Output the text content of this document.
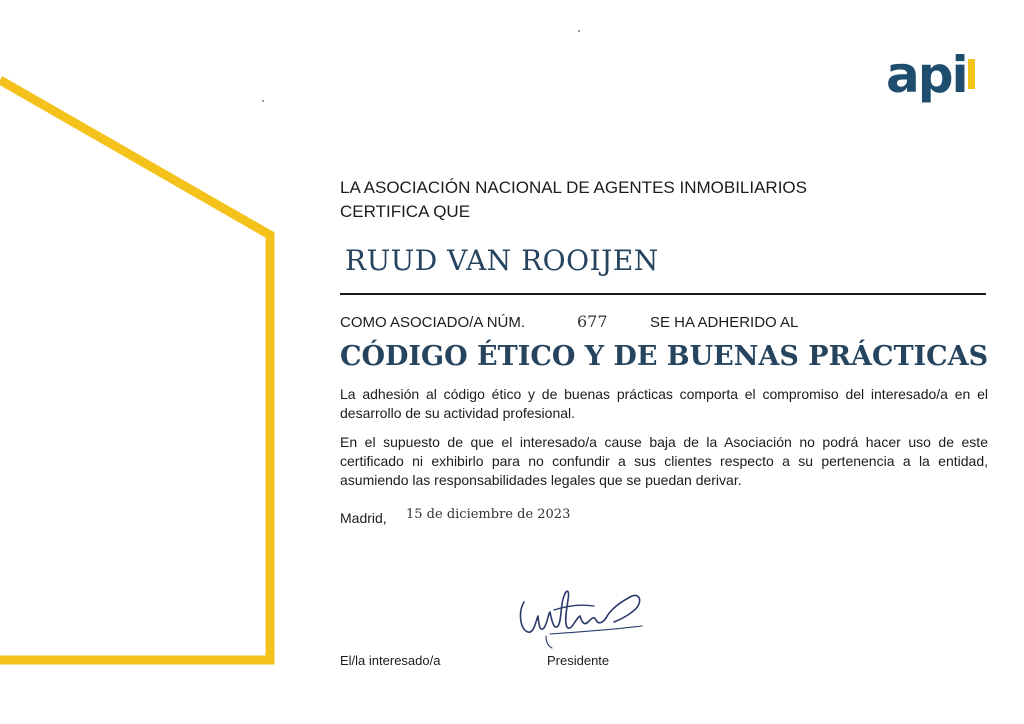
api
LA ASOCIACIÓN NACIONAL DE AGENTES INMOBILIARIOS
CERTIFICA QUE
RUUD VAN ROOIJEN
COMO ASOCIADO/A NÚM.	677	SE HA ADHERIDO AL
CÓDIGO ÉTICO Y DE BUENAS PRÁCTICAS
La adhesión al código ético y de buenas prácticas comporta el compromiso del interesado/a en el desarrollo de su actividad profesional.
En el supuesto de que el interesado/a cause baja de la Asociación no podrá hacer uso de este certificado ni exhibirlo para no confundir a sus clientes respecto a su pertenencia a la entidad, asumiendo las responsabilidades legales que se puedan derivar.
Madrid, 15 de diciembre de 2023
El/la interesado/a	Presidente
